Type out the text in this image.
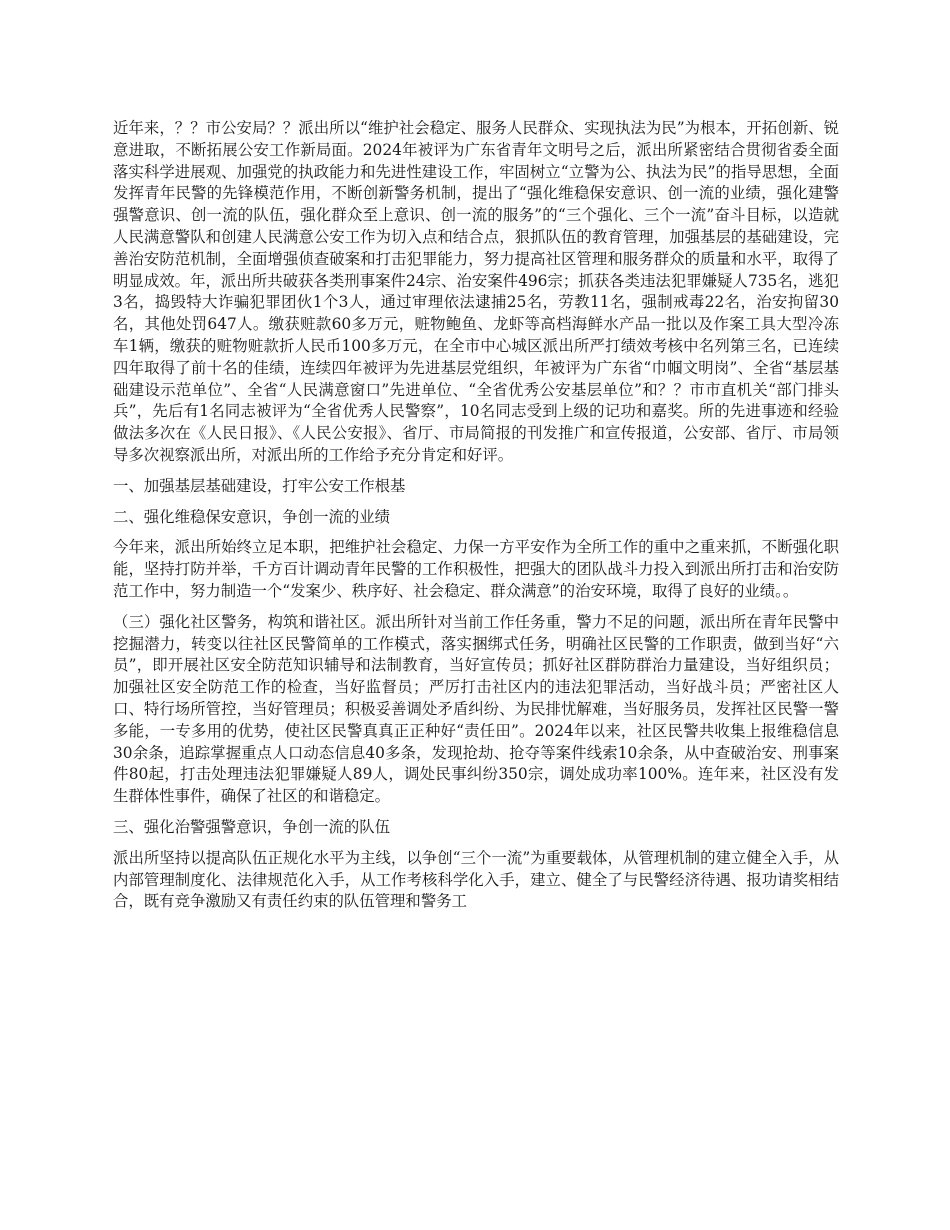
近年来，？？市公安局？？派出所以“维护社会稳定、服务人民群众、实现执法为民”为根本，开拓创新、锐意进取，不断拓展公安工作新局面。2024年被评为广东省青年文明号之后，派出所紧密结合贯彻省委全面落实科学进展观、加强党的执政能力和先进性建设工作，牢固树立“立警为公、执法为民”的指导思想，全面发挥青年民警的先锋模范作用，不断创新警务机制，提出了“强化维稳保安意识、创一流的业绩，强化建警强警意识、创一流的队伍，强化群众至上意识、创一流的服务”的“三个强化、三个一流”奋斗目标，以造就人民满意警队和创建人民满意公安工作为切入点和结合点，狠抓队伍的教育管理，加强基层的基础建设，完善治安防范机制，全面增强侦查破案和打击犯罪能力，努力提高社区管理和服务群众的质量和水平，取得了明显成效。年，派出所共破获各类刑事案件24宗、治安案件496宗；抓获各类违法犯罪嫌疑人735名，逃犯3名，捣毁特大诈骗犯罪团伙1个3人，通过审理依法逮捕25名，劳教11名，强制戒毒22名，治安拘留30名，其他处罚647人。缴获赃款60多万元，赃物鲍鱼、龙虾等高档海鲜水产品一批以及作案工具大型冷冻车1辆，缴获的赃物赃款折人民币100多万元，在全市中心城区派出所严打绩效考核中名列第三名，已连续四年取得了前十名的佳绩，连续四年被评为先进基层党组织，年被评为广东省“巾帼文明岗”、全省“基层基础建设示范单位”、全省“人民满意窗口”先进单位、“全省优秀公安基层单位”和？？市市直机关“部门排头兵”，先后有1名同志被评为“全省优秀人民警察”，10名同志受到上级的记功和嘉奖。所的先进事迹和经验做法多次在《人民日报》、《人民公安报》、省厅、市局简报的刊发推广和宣传报道，公安部、省厅、市局领导多次视察派出所，对派出所的工作给予充分肯定和好评。

一、加强基层基础建设，打牢公安工作根基

二、强化维稳保安意识，争创一流的业绩

今年来，派出所始终立足本职，把维护社会稳定、力保一方平安作为全所工作的重中之重来抓，不断强化职能，坚持打防并举，千方百计调动青年民警的工作积极性，把强大的团队战斗力投入到派出所打击和治安防范工作中，努力制造一个“发案少、秩序好、社会稳定、群众满意”的治安环境，取得了良好的业绩。。

（三）强化社区警务，构筑和谐社区。派出所针对当前工作任务重，警力不足的问题，派出所在青年民警中挖掘潜力，转变以往社区民警简单的工作模式，落实捆绑式任务，明确社区民警的工作职责，做到当好“六员”，即开展社区安全防范知识辅导和法制教育，当好宣传员；抓好社区群防群治力量建设，当好组织员；加强社区安全防范工作的检查，当好监督员；严厉打击社区内的违法犯罪活动，当好战斗员；严密社区人口、特行场所管控，当好管理员；积极妥善调处矛盾纠纷、为民排忧解难，当好服务员，发挥社区民警一警多能，一专多用的优势，使社区民警真真正正种好“责任田”。2024年以来，社区民警共收集上报维稳信息30余条，追踪掌握重点人口动态信息40多条，发现抢劫、抢夺等案件线索10余条，从中查破治安、刑事案件80起，打击处理违法犯罪嫌疑人89人，调处民事纠纷350宗，调处成功率100%。连年来，社区没有发生群体性事件，确保了社区的和谐稳定。

三、强化治警强警意识，争创一流的队伍

派出所坚持以提高队伍正规化水平为主线，以争创“三个一流”为重要载体，从管理机制的建立健全入手，从内部管理制度化、法律规范化入手，从工作考核科学化入手，建立、健全了与民警经济待遇、报功请奖相结合，既有竞争激励又有责任约束的队伍管理和警务工
